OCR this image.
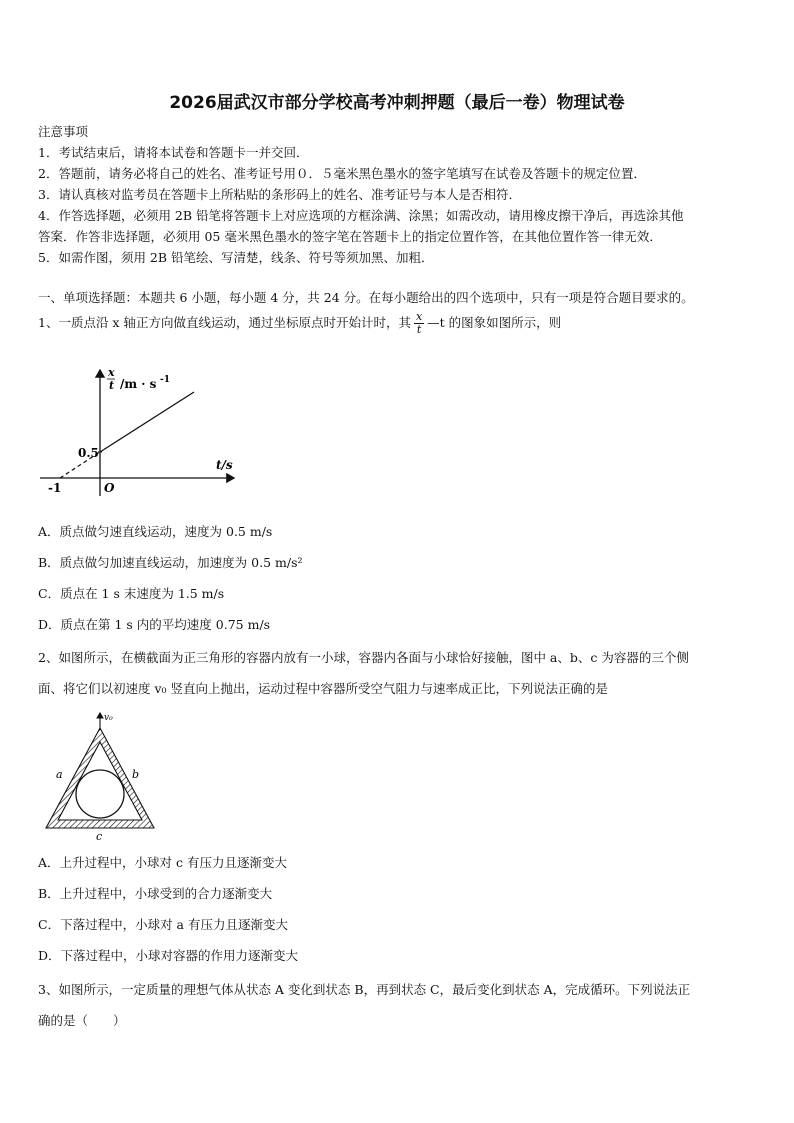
2026届武汉市部分学校高考冲刺押题（最后一卷）物理试卷
注意事项
1．考试结束后，请将本试卷和答题卡一并交回．
2．答题前，请务必将自己的姓名、准考证号用０．５毫米黑色墨水的签字笔填写在试卷及答题卡的规定位置．
3．请认真核对监考员在答题卡上所粘贴的条形码上的姓名、准考证号与本人是否相符．
4．作答选择题，必须用 2B 铅笔将答题卡上对应选项的方框涂满、涂黑；如需改动，请用橡皮擦干净后，再选涂其他
答案．作答非选择题，必须用 05 毫米黑色墨水的签字笔在答题卡上的指定位置作答，在其他位置作答一律无效．
5．如需作图，须用 2B 铅笔绘、写清楚，线条、符号等须加黑、加粗．
一、单项选择题：本题共 6 小题，每小题 4 分，共 24 分。在每小题给出的四个选项中，只有一项是符合题目要求的。
1、一质点沿 x 轴正方向做直线运动，通过坐标原点时开始计时，其 $\frac{x}{t}$ —t 的图象如图所示，则
x
t /m · s -1
0.5
t/s
-1	O
A．质点做匀速直线运动，速度为 0.5 m/s
B．质点做匀加速直线运动，加速度为 0.5 m/s²
C．质点在 1 s 末速度为 1.5 m/s
D．质点在第 1 s 内的平均速度 0.75 m/s
2、如图所示，在横截面为正三角形的容器内放有一小球，容器内各面与小球恰好接触，图中 a、b、c 为容器的三个侧
面、将它们以初速度 v₀ 竖直向上抛出，运动过程中容器所受空气阻力与速率成正比，下列说法正确的是
v₀
a	b
c
A．上升过程中，小球对 c 有压力且逐渐变大
B．上升过程中，小球受到的合力逐渐变大
C．下落过程中，小球对 a 有压力且逐渐变大
D．下落过程中，小球对容器的作用力逐渐变大
3、如图所示，一定质量的理想气体从状态 A 变化到状态 B，再到状态 C，最后变化到状态 A，完成循环。下列说法正
确的是（　　）
